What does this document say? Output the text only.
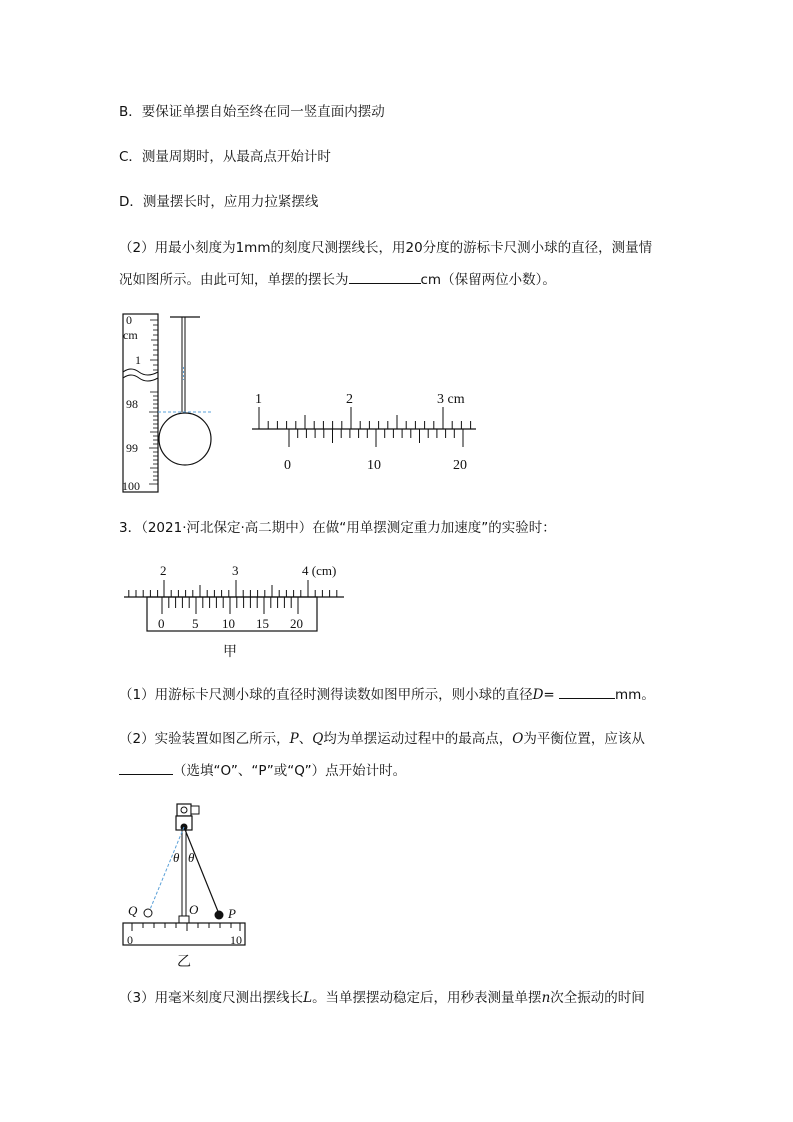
B．要保证单摆自始至终在同一竖直面内摆动
C．测量周期时，从最高点开始计时
D．测量摆长时，应用力拉紧摆线
（2）用最小刻度为1mm的刻度尺测摆线长，用20分度的游标卡尺测小球的直径，测量情
况如图所示。由此可知，单摆的摆长为	cm（保留两位小数）。
0
cm
1
98
99
100
1	2	3 cm
0	10	20
3．（2021·河北保定·高二期中）在做“用单摆测定重力加速度”的实验时：
2	3	4 (cm)
0 5 10 15 20
甲
（1）用游标卡尺测小球的直径时测得读数如图甲所示，则小球的直径D=	mm。
（2）实验装置如图乙所示，P、Q均为单摆运动过程中的最高点，O为平衡位置，应该从
（选填“O”、“P”或“Q”）点开始计时。
θ θ
Q	O P
0	10
乙
（3）用毫米刻度尺测出摆线长L。当单摆摆动稳定后，用秒表测量单摆n次全振动的时间
